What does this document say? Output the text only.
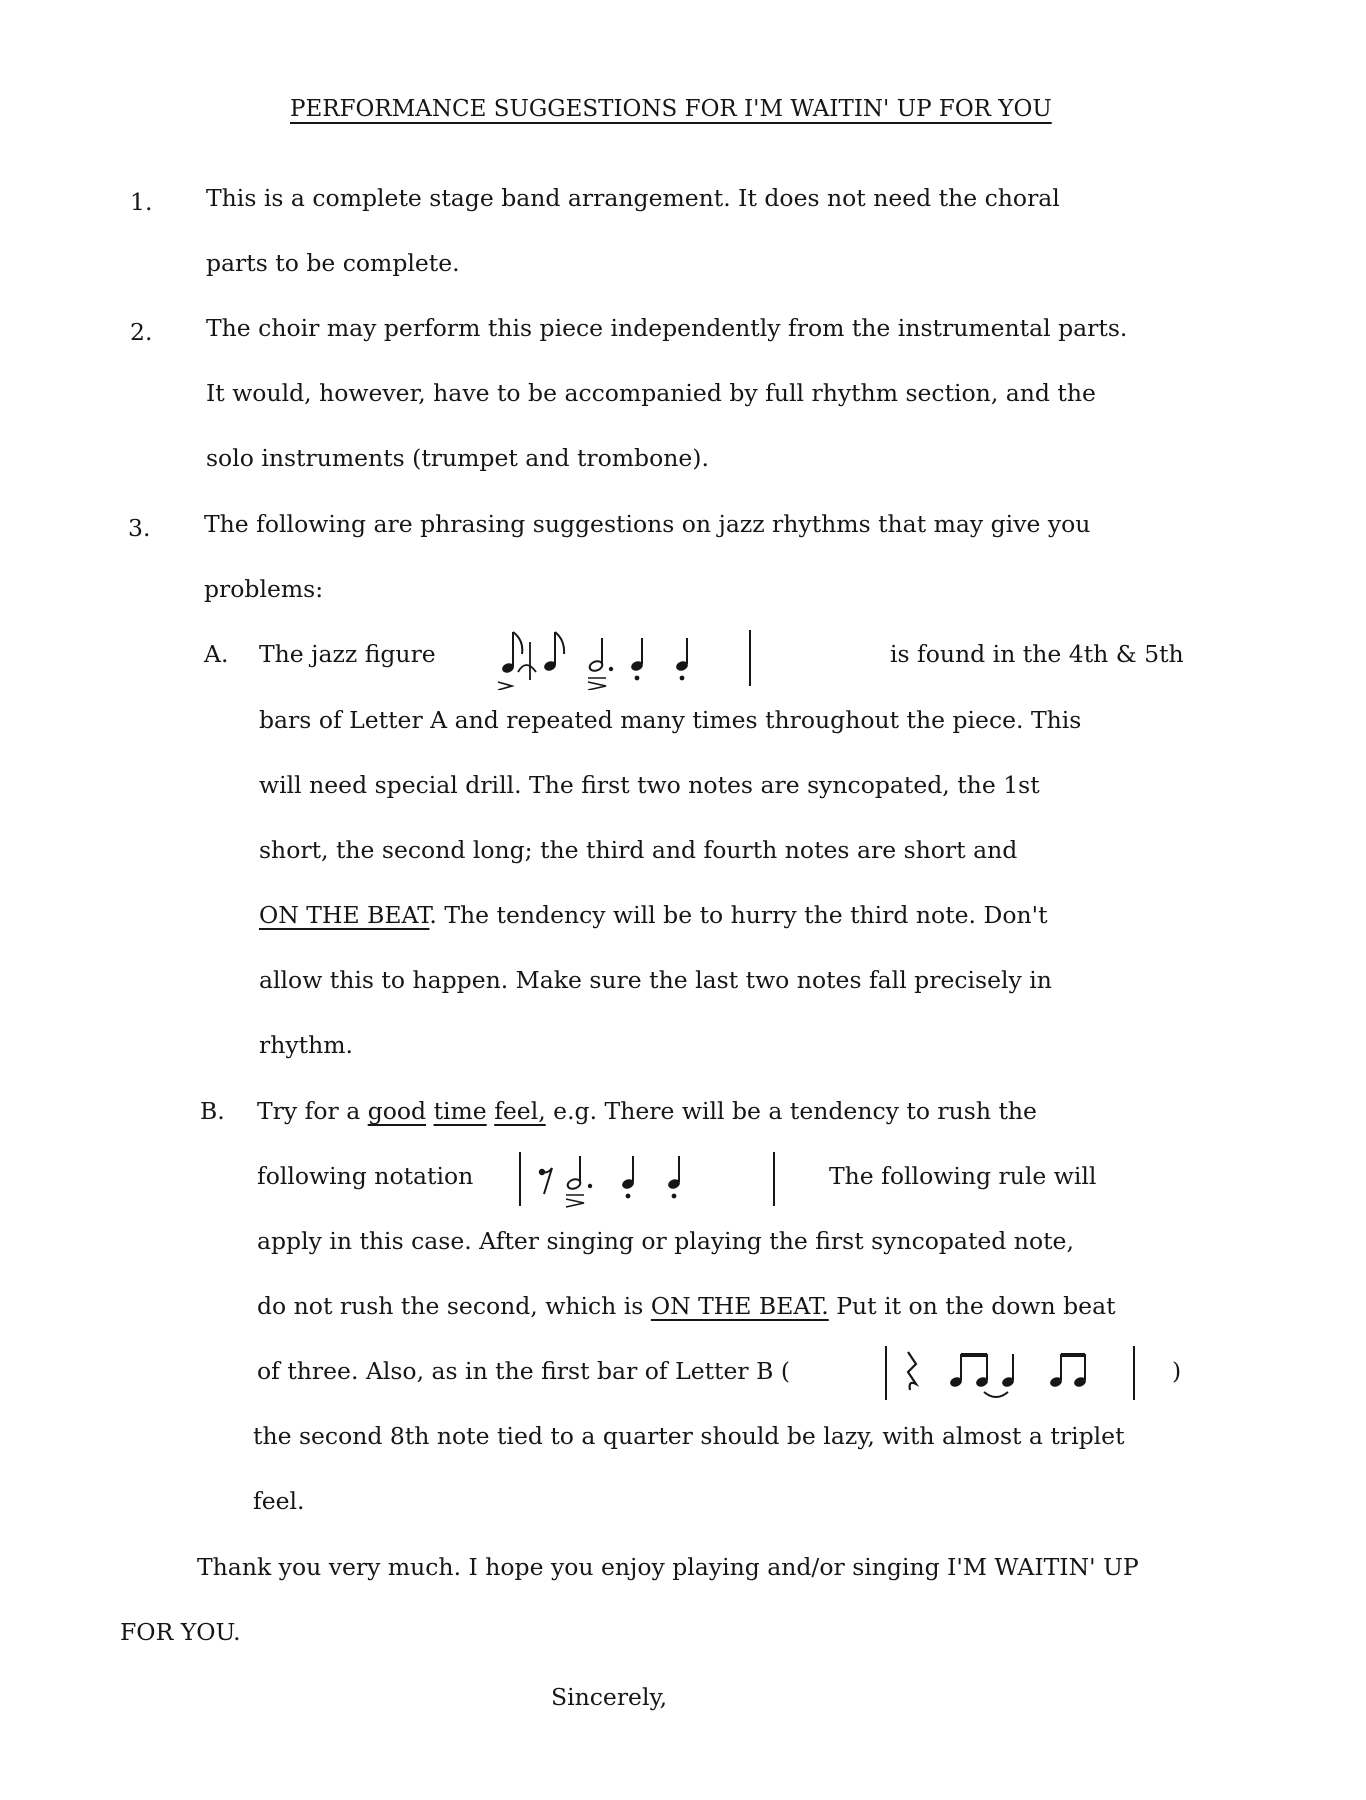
PERFORMANCE SUGGESTIONS FOR I'M WAITIN' UP FOR YOU
1. This is a complete stage band arrangement. It does not need the choral
parts to be complete.
2. The choir may perform this piece independently from the instrumental parts.
It would, however, have to be accompanied by full rhythm section, and the
solo instruments (trumpet and trombone).
3. The following are phrasing suggestions on jazz rhythms that may give you
problems:
A. The jazz figure	is found in the 4th & 5th
bars of Letter A and repeated many times throughout the piece. This
will need special drill. The first two notes are syncopated, the 1st
short, the second long; the third and fourth notes are short and
ON THE BEAT. The tendency will be to hurry the third note. Don't
allow this to happen. Make sure the last two notes fall precisely in
rhythm.
B. Try for a good time feel, e.g. There will be a tendency to rush the
following notation	The following rule will
apply in this case. After singing or playing the first syncopated note,
do not rush the second, which is ON THE BEAT. Put it on the down beat
of three. Also, as in the first bar of Letter B (	)
the second 8th note tied to a quarter should be lazy, with almost a triplet
feel.
Thank you very much. I hope you enjoy playing and/or singing I'M WAITIN' UP
FOR YOU.
Sincerely,
